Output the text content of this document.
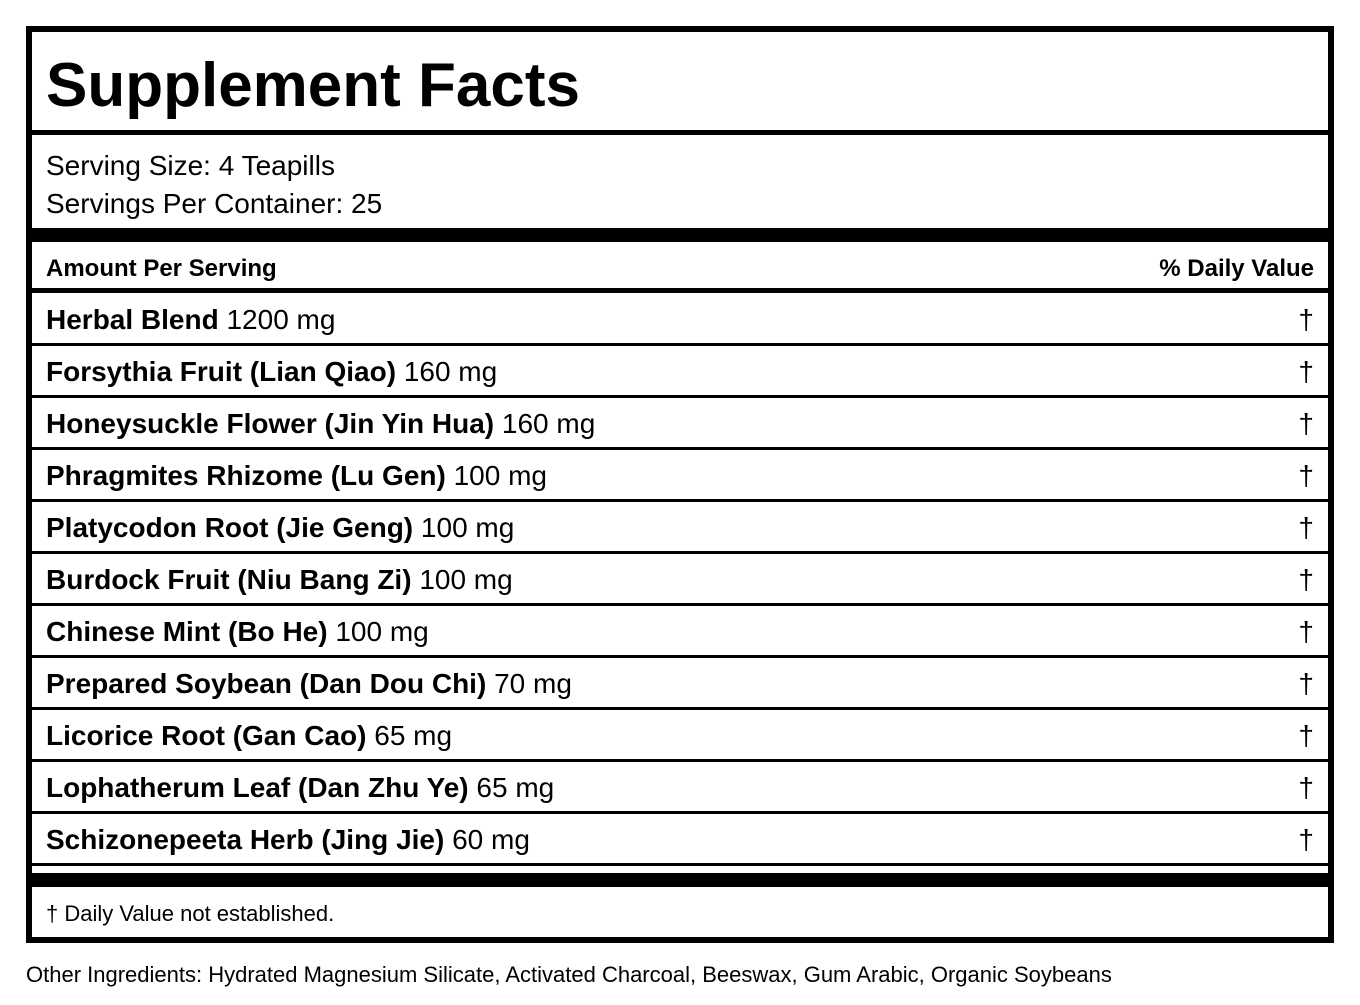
Supplement Facts
Serving Size: 4 Teapills
Servings Per Container: 25
Amount Per Serving	% Daily Value
Herbal Blend 1200 mg	†
Forsythia Fruit (Lian Qiao) 160 mg	†
Honeysuckle Flower (Jin Yin Hua) 160 mg	†
Phragmites Rhizome (Lu Gen) 100 mg	†
Platycodon Root (Jie Geng) 100 mg	†
Burdock Fruit (Niu Bang Zi) 100 mg	†
Chinese Mint (Bo He) 100 mg	†
Prepared Soybean (Dan Dou Chi) 70 mg	†
Licorice Root (Gan Cao) 65 mg	†
Lophatherum Leaf (Dan Zhu Ye) 65 mg	†
Schizonepeeta Herb (Jing Jie) 60 mg	†
† Daily Value not established.
Other Ingredients: Hydrated Magnesium Silicate, Activated Charcoal, Beeswax, Gum Arabic, Organic Soybeans
